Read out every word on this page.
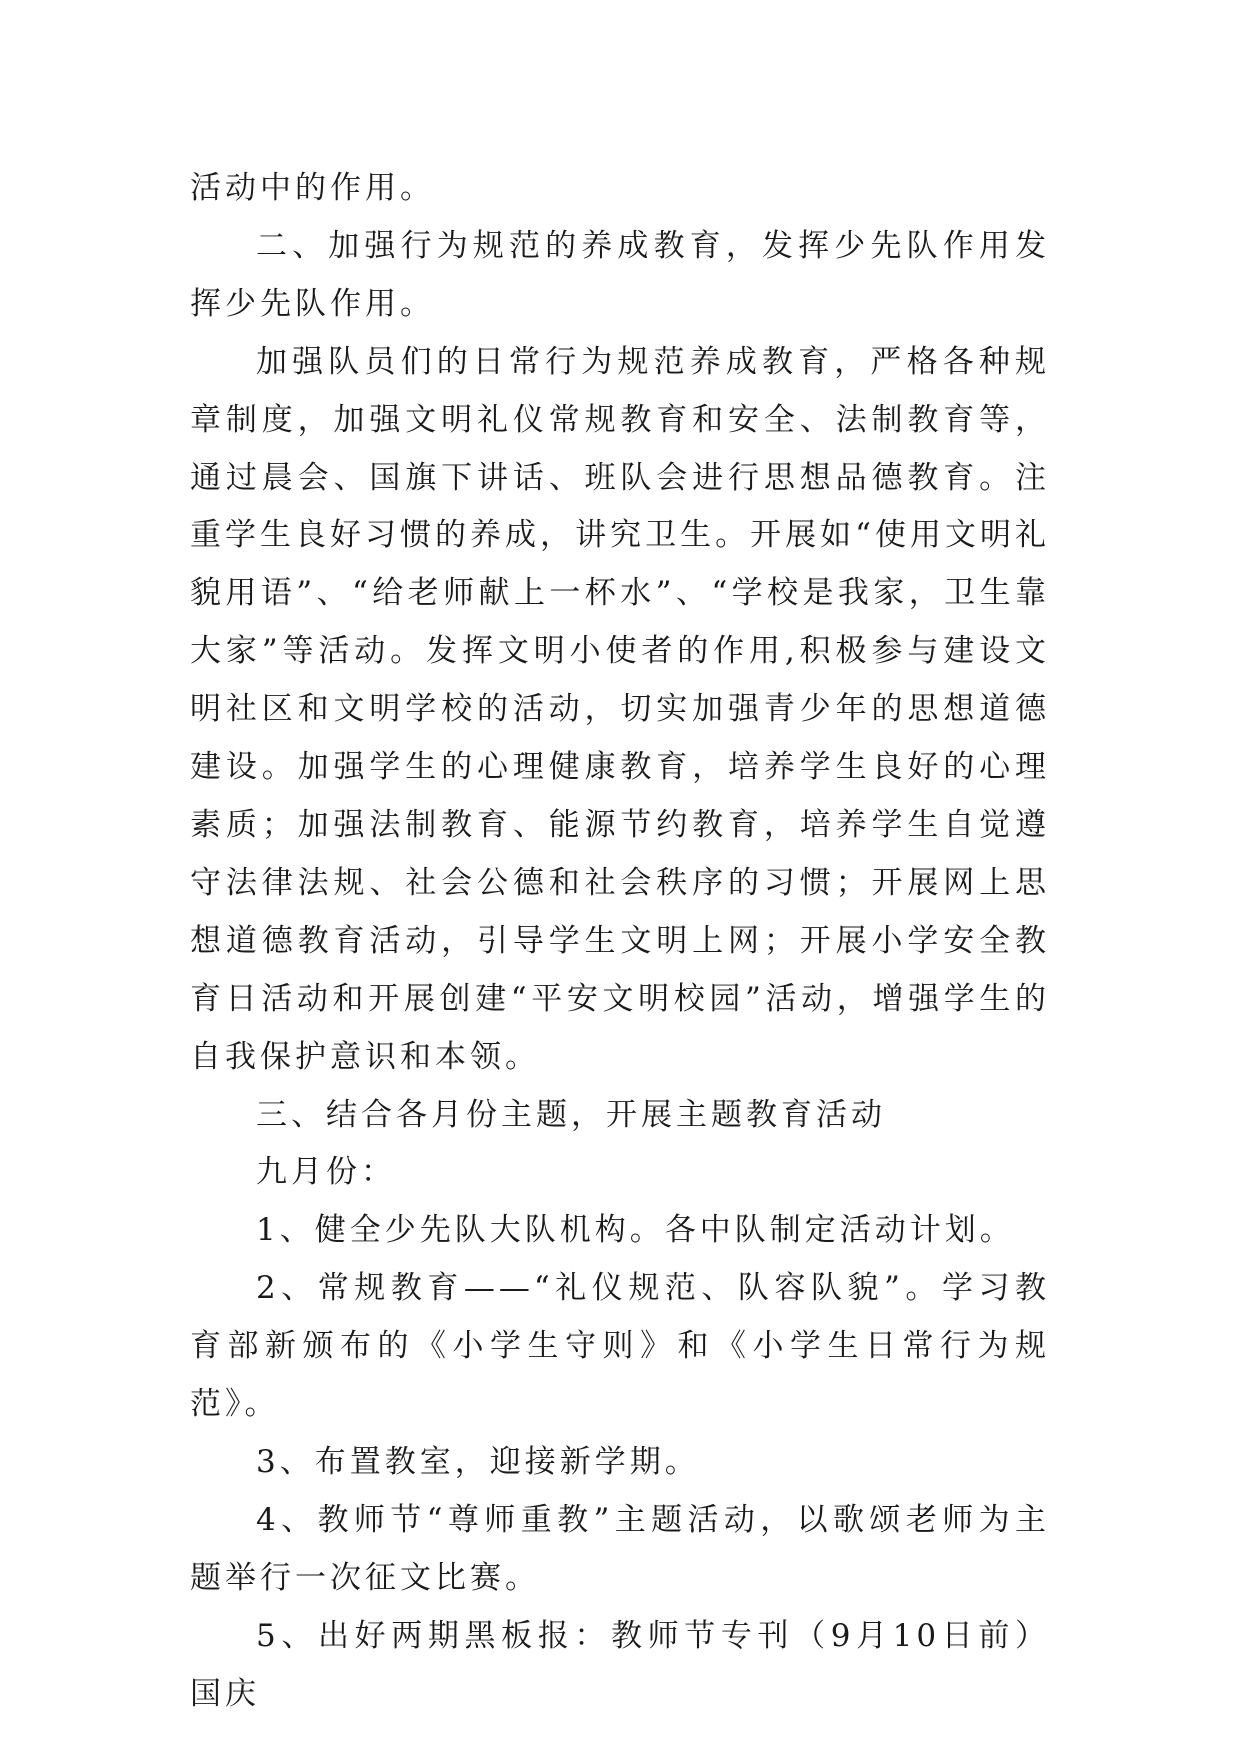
活动中的作用。

二、加强行为规范的养成教育，发挥少先队作用发挥少先队作用。

加强队员们的日常行为规范养成教育，严格各种规章制度，加强文明礼仪常规教育和安全、法制教育等，通过晨会、国旗下讲话、班队会进行思想品德教育。注重学生良好习惯的养成，讲究卫生。开展如“使用文明礼貌用语”、“给老师献上一杯水”、“学校是我家，卫生靠大家”等活动。发挥文明小使者的作用,积极参与建设文明社区和文明学校的活动，切实加强青少年的思想道德建设。加强学生的心理健康教育，培养学生良好的心理素质；加强法制教育、能源节约教育，培养学生自觉遵守法律法规、社会公德和社会秩序的习惯；开展网上思想道德教育活动，引导学生文明上网；开展小学安全教育日活动和开展创建“平安文明校园”活动，增强学生的自我保护意识和本领。

三、结合各月份主题，开展主题教育活动

九月份：

1、健全少先队大队机构。各中队制定活动计划。

2、常规教育——“礼仪规范、队容队貌”。学习教育部新颁布的《小学生守则》和《小学生日常行为规范》。

3、布置教室，迎接新学期。

4、教师节“尊师重教”主题活动，以歌颂老师为主题举行一次征文比赛。

5、出好两期黑板报：教师节专刊（9月10日前）国庆
